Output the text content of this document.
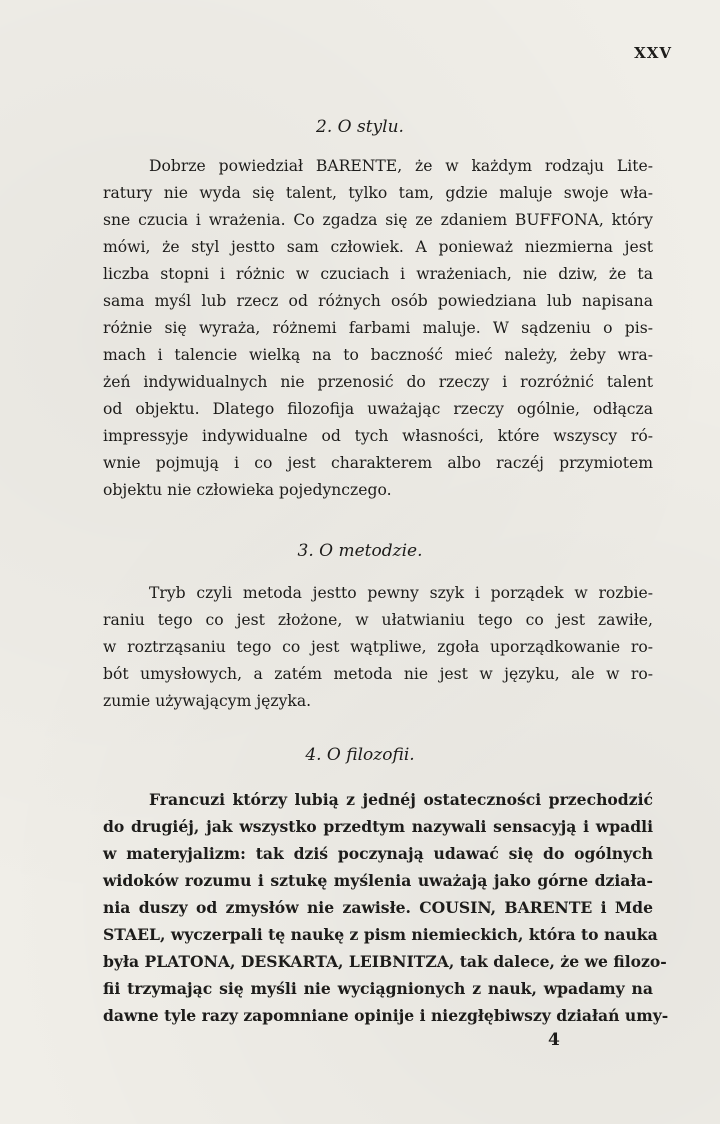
XXV
2. O stylu.
Dobrze powiedział BARENTE, że w każdym rodzaju Lite-
ratury nie wyda się talent, tylko tam, gdzie maluje swoje wła-
sne czucia i wrażenia. Co zgadza się ze zdaniem BUFFONA, który
mówi, że styl jestto sam człowiek. A ponieważ niezmierna jest
liczba stopni i różnic w czuciach i wrażeniach, nie dziw, że ta
sama myśl lub rzecz od różnych osób powiedziana lub napisana
różnie się wyraża, różnemi farbami maluje. W sądzeniu o pis-
mach i talencie wielką na to baczność mieć należy, żeby wra-
żeń indywidualnych nie przenosić do rzeczy i rozróżnić talent
od objektu. Dlatego filozofija uważając rzeczy ogólnie, odłącza
impressyje indywidualne od tych własności, które wszyscy ró-
wnie pojmują i co jest charakterem albo raczéj przymiotem
objektu nie człowieka pojedynczego.
3. O metodzie.
Tryb czyli metoda jestto pewny szyk i porządek w rozbie-
raniu tego co jest złożone, w ułatwianiu tego co jest zawiłe,
w roztrząsaniu tego co jest wątpliwe, zgoła uporządkowanie ro-
bót umysłowych, a zatém metoda nie jest w języku, ale w ro-
zumie używającym języka.
4. O filozofii.
Francuzi którzy lubią z jednéj ostateczności przechodzić
do drugiéj, jak wszystko przedtym nazywali sensacyją i wpadli
w materyjalizm: tak dziś poczynają udawać się do ogólnych
widoków rozumu i sztukę myślenia uważają jako górne działa-
nia duszy od zmysłów nie zawisłe. COUSIN, BARENTE i Mde
STAEL, wyczerpali tę naukę z pism niemieckich, która to nauka
była PLATONA, DESKARTA, LEIBNITZA, tak dalece, że we filozo-
fii trzymając się myśli nie wyciągnionych z nauk, wpadamy na
dawne tyle razy zapomniane opinije i niezgłębiwszy działań umy-
4
